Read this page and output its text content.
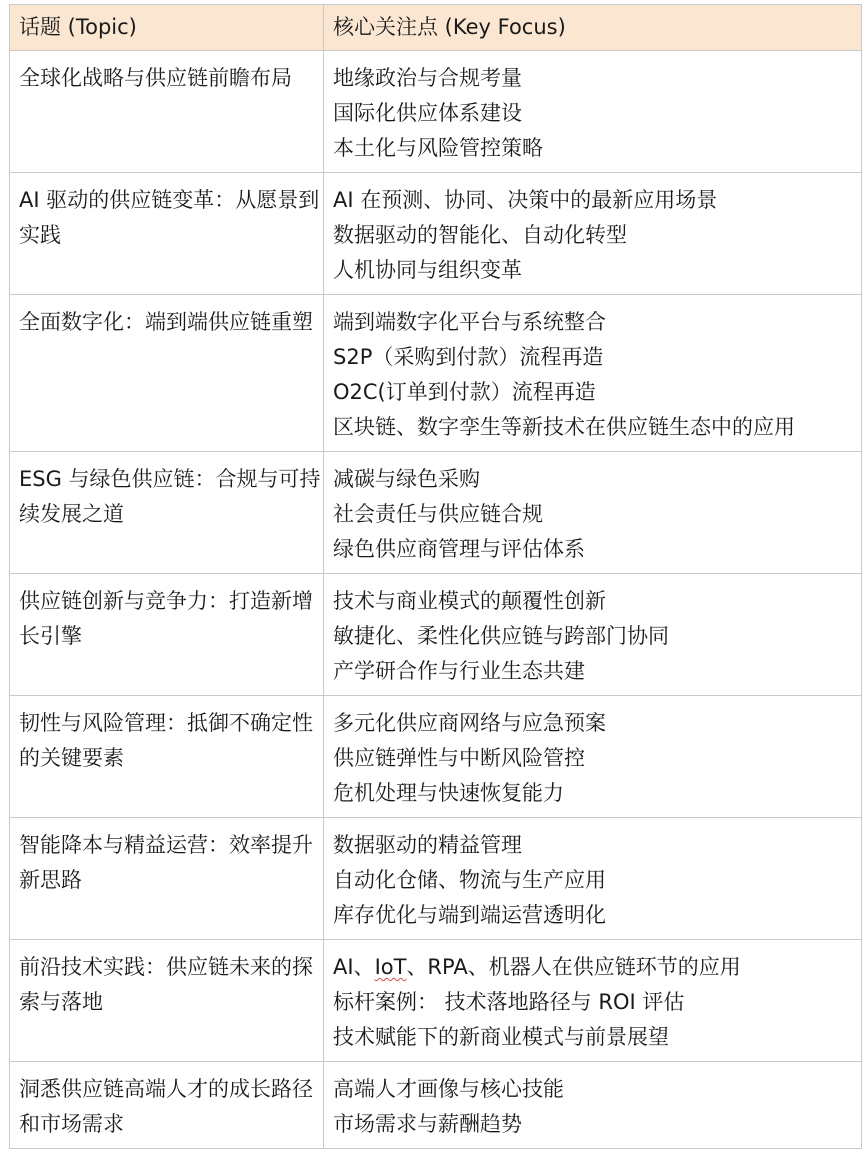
话题 (Topic)	核心关注点 (Key Focus)
全球化战略与供应链前瞻布局	地缘政治与合规考量
国际化供应体系建设
本土化与风险管控策略

AI 驱动的供应链变革：从愿景到实践	AI 在预测、协同、决策中的最新应用场景
数据驱动的智能化、自动化转型
人机协同与组织变革

全面数字化：端到端供应链重塑	端到端数字化平台与系统整合
S2P（采购到付款）流程再造
O2C(订单到付款）流程再造
区块链、数字孪生等新技术在供应链生态中的应用

ESG 与绿色供应链：合规与可持续发展之道	减碳与绿色采购
社会责任与供应链合规
绿色供应商管理与评估体系

供应链创新与竞争力：打造新增长引擎	技术与商业模式的颠覆性创新
敏捷化、柔性化供应链与跨部门协同
产学研合作与行业生态共建

韧性与风险管理：抵御不确定性的关键要素	多元化供应商网络与应急预案
供应链弹性与中断风险管控
危机处理与快速恢复能力

智能降本与精益运营：效率提升新思路	数据驱动的精益管理
自动化仓储、物流与生产应用
库存优化与端到端运营透明化

前沿技术实践：供应链未来的探索与落地	AI、IoT、RPA、机器人在供应链环节的应用
标杆案例： 技术落地路径与 ROI 评估
技术赋能下的新商业模式与前景展望

洞悉供应链高端人才的成长路径和市场需求	高端人才画像与核心技能
市场需求与薪酬趋势
